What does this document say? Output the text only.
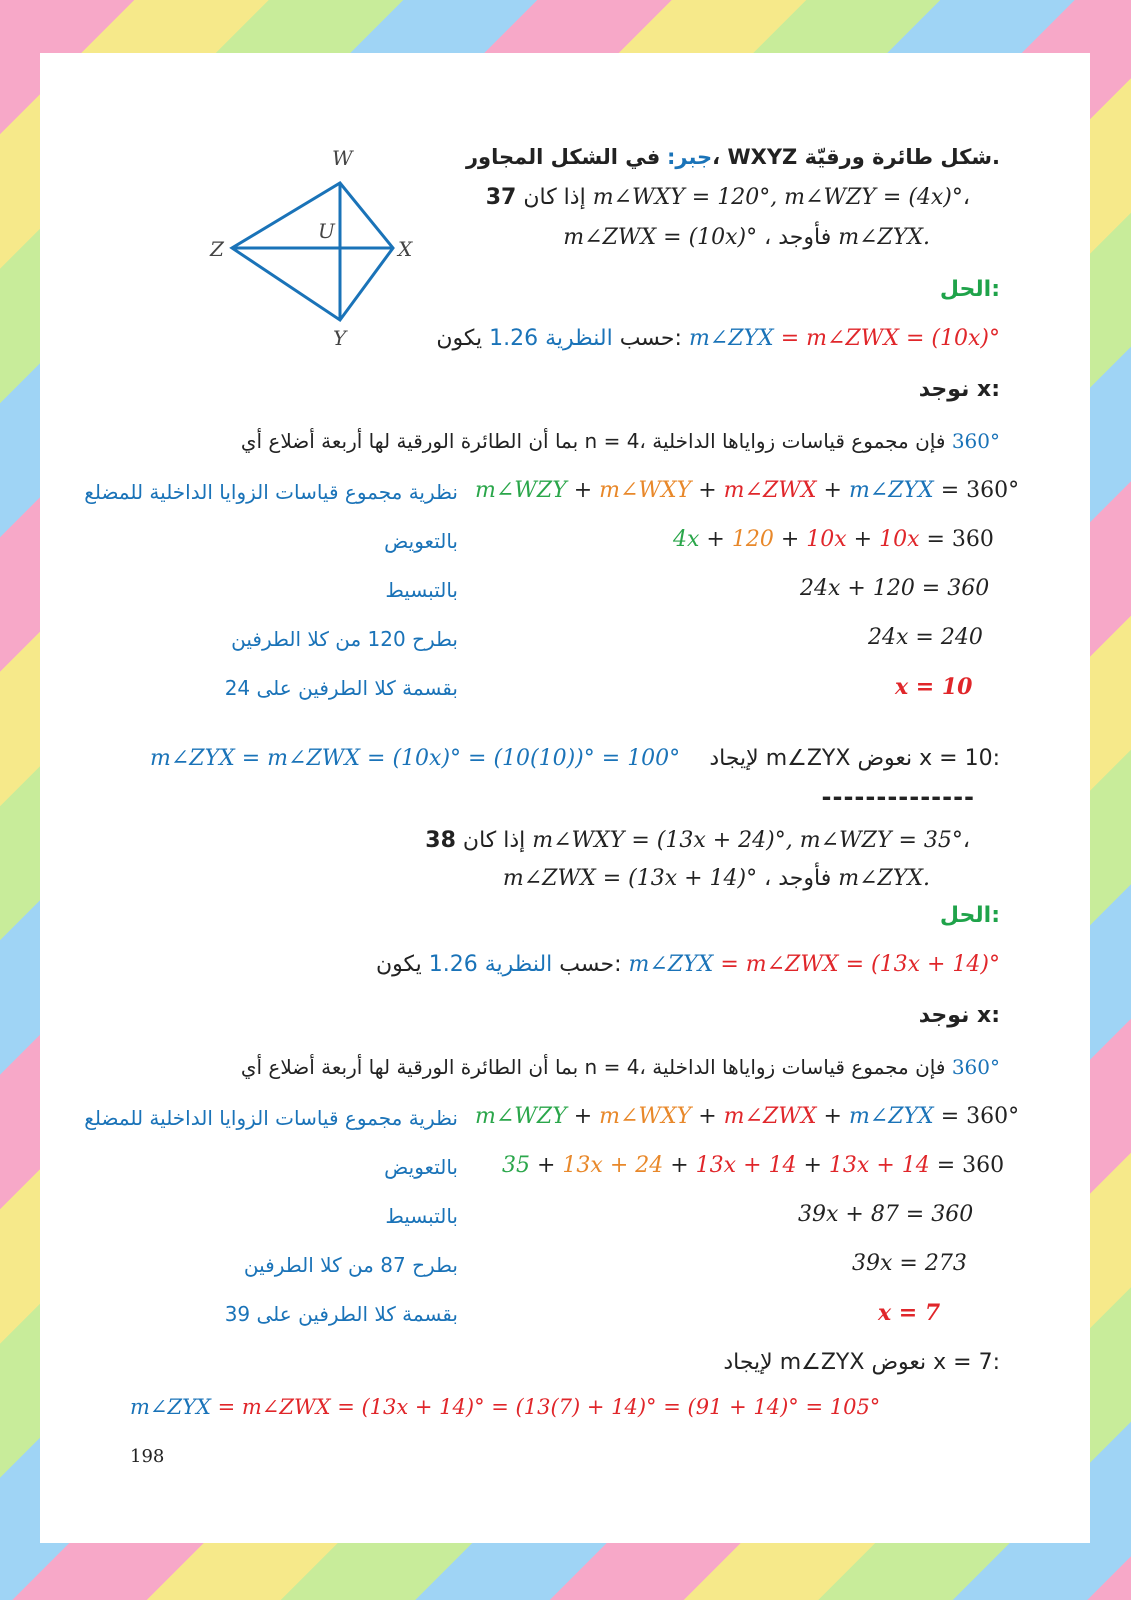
W
X
Y
Z
U
جبر: في الشكل المجاور، WXYZ شكل طائرة ورقيّة.
37 إذا كان m∠WXY = 120°, m∠WZY = (4x)°،
m∠ZWX = (10x)° ، فأوجد m∠ZYX.
الحل:
حسب النظرية 1.26 يكون: m∠ZYX = m∠ZWX = (10x)°
نوجد x:
بما أن الطائرة الورقية لها أربعة أضلاع أي n = 4، فإن مجموع قياسات زواياها الداخلية 360°
m∠WZY + m∠WXY + m∠ZWX + m∠ZYX = 360°
نظرية مجموع قياسات الزوايا الداخلية للمضلع
4x + 120 + 10x + 10x = 360
بالتعويض
24x + 120 = 360
بالتبسيط
24x = 240
بطرح 120 من كلا الطرفين
x = 10
بقسمة كلا الطرفين على 24
لإيجاد m∠ZYX نعوض x = 10:
m∠ZYX = m∠ZWX = (10x)° = (10(10))° = 100°
--------------
38 إذا كان m∠WXY = (13x + 24)°, m∠WZY = 35°،
m∠ZWX = (13x + 14)° ، فأوجد m∠ZYX.
الحل:
حسب النظرية 1.26 يكون: m∠ZYX = m∠ZWX = (13x + 14)°
نوجد x:
بما أن الطائرة الورقية لها أربعة أضلاع أي n = 4، فإن مجموع قياسات زواياها الداخلية 360°
m∠WZY + m∠WXY + m∠ZWX + m∠ZYX = 360°
نظرية مجموع قياسات الزوايا الداخلية للمضلع
35 + 13x + 24 + 13x + 14 + 13x + 14 = 360
بالتعويض
39x + 87 = 360
بالتبسيط
39x = 273
بطرح 87 من كلا الطرفين
x = 7
بقسمة كلا الطرفين على 39
لإيجاد m∠ZYX نعوض x = 7:
m∠ZYX = m∠ZWX = (13x + 14)° = (13(7) + 14)° = (91 + 14)° = 105°
198
